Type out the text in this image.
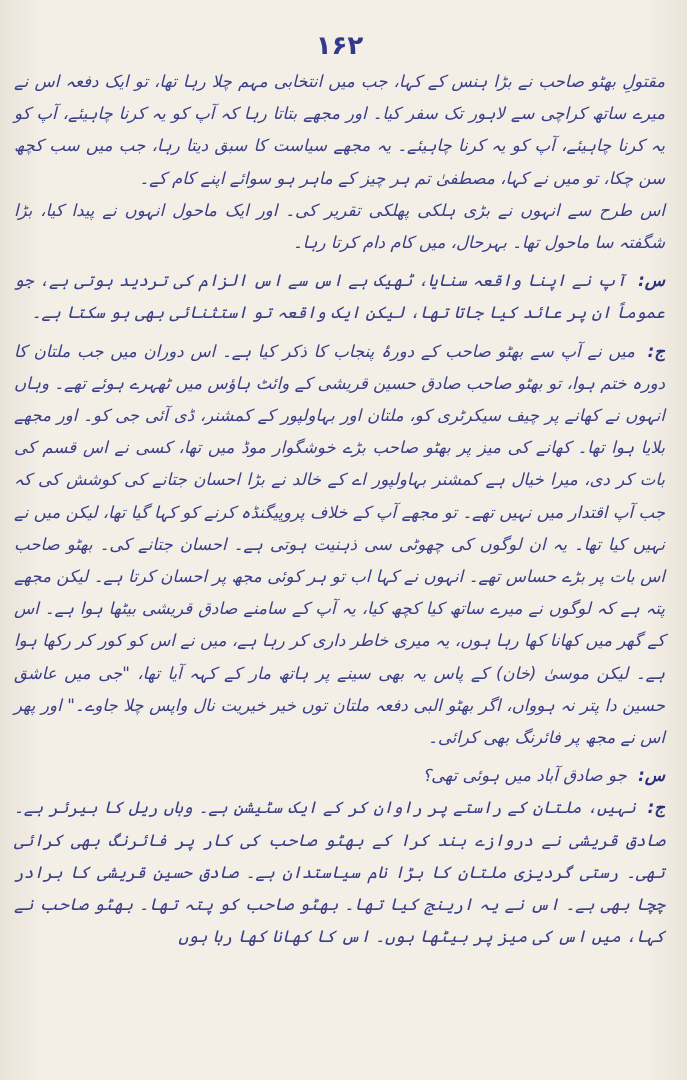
۱۶۲

مقتولِ بھٹو صاحب نے بڑا ہنس کے کہا، جب میں انتخابی مہم چلا رہا تھا، تو ایک دفعہ اس نے میرے ساتھ کراچی سے لاہور تک سفر کیا۔ اور مجھے بتاتا رہا کہ آپ کو یہ کرنا چاہیئے، آپ کو یہ کرنا چاہیئے، آپ کو یہ کرنا چاہیئے۔ یہ مجھے سیاست کا سبق دیتا رہا، جب میں سب کچھ سن چکا، تو میں نے کہا، مصطفیٰ تم ہر چیز کے ماہر ہو سوائے اپنے کام کے۔

اس طرح سے انہوں نے بڑی ہلکی پھلکی تقریر کی۔ اور ایک ماحول انہوں نے پیدا کیا، بڑا شگفتہ سا ماحول تھا۔ بہرحال، میں کام دام کرتا رہا۔

س: آپ نے اپنا واقعہ سنایا، ٹھیک ہے اس سے اس الزام کی تردید ہوتی ہے، جو عموماً ان پر عائد کیا جاتا تھا، لیکن ایک واقعہ تو استثنائی بھی ہو سکتا ہے۔

ج: میں نے آپ سے بھٹو صاحب کے دورۂ پنجاب کا ذکر کیا ہے۔ اس دوران میں جب ملتان کا دورہ ختم ہوا، تو بھٹو صاحب صادق حسین قریشی کے وائٹ ہاؤس میں ٹھہرے ہوئے تھے۔ وہاں انہوں نے کھانے پر چیف سیکرٹری کو، ملتان اور بہاولپور کے کمشنر، ڈی آئی جی کو۔ اور مجھے بلایا ہوا تھا۔ کھانے کی میز پر بھٹو صاحب بڑے خوشگوار موڈ میں تھا، کسی نے اس قسم کی بات کر دی، میرا خیال ہے کمشنر بہاولپور اے کے خالد نے بڑا احسان جتانے کی کوشش کی کہ جب آپ اقتدار میں نہیں تھے۔ تو مجھے آپ کے خلاف پروپیگنڈہ کرنے کو کہا گیا تھا، لیکن میں نے نہیں کیا تھا۔ یہ ان لوگوں کی چھوٹی سی ذہنیت ہوتی ہے۔ احسان جتانے کی۔ بھٹو صاحب اس بات پر بڑے حساس تھے۔ انہوں نے کہا اب تو ہر کوئی مجھ پر احسان کرتا ہے۔ لیکن مجھے پتہ ہے کہ لوگوں نے میرے ساتھ کیا کچھ کیا، یہ آپ کے سامنے صادق قریشی بیٹھا ہوا ہے۔ اس کے گھر میں کھانا کھا رہا ہوں، یہ میری خاطر داری کر رہا ہے، میں نے اس کو کور کر رکھا ہوا ہے۔ لیکن موسیٰ (خان) کے پاس یہ بھی سینے پر ہاتھ مار کے کہہ آیا تھا، "جی میں عاشق حسین دا پتر نہ ہوواں، اگر بھٹو البی دفعہ ملتان توں خیر خیریت نال واپس چلا جاوے۔" اور پھر اس نے مجھ پر فائرنگ بھی کرائی۔

س: جو صادق آباد میں ہوئی تھی؟

ج: نہیں، ملتان کے راستے پر راوان کر کے ایک سٹیشن ہے۔ وہاں ریل کا بیرئر ہے۔ صادق قریشی نے دروازے بند کرا کے بھٹو صاحب کی کار پر فائرنگ بھی کرائی تھی۔ رستی گردیزی ملتان کا بڑا نام سیاستدان ہے۔ صادق حسین قریشی کا برادر چچا بھی ہے۔ اس نے یہ ارینج کیا تھا۔ بھٹو صاحب کو پتہ تھا۔ بھٹو صاحب نے کہا، میں اس کی میز پر بیٹھا ہوں۔ اس کا کھانا کھا رہا ہوں
